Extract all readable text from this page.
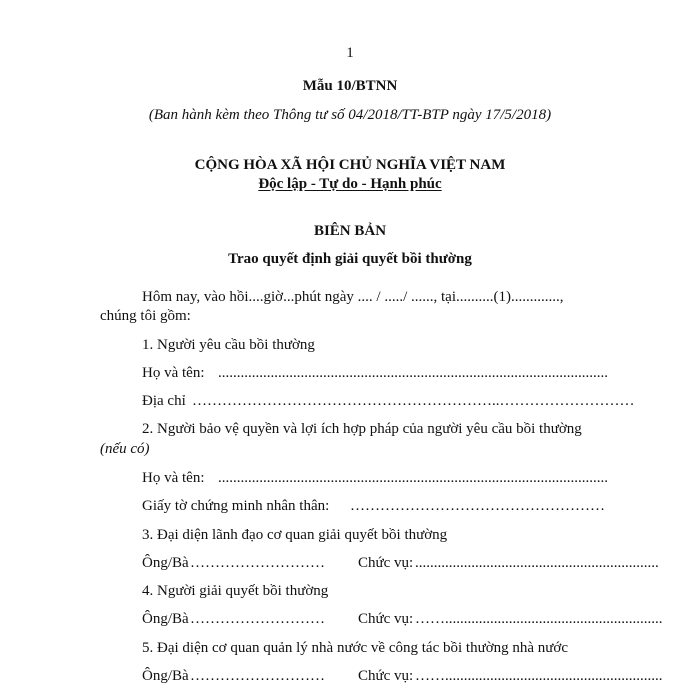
1
Mẫu 10/BTNN
(Ban hành kèm theo Thông tư số 04/2018/TT-BTP ngày 17/5/2018)
CỘNG HÒA XÃ HỘI CHỦ NGHĨA VIỆT NAM
Độc lập - Tự do - Hạnh phúc
BIÊN BẢN
Trao quyết định giải quyết bồi thường
Hôm nay, vào hồi....giờ...phút ngày .... / ...../ ......, tại..........(1).............,
chúng tôi gồm:
1. Người yêu cầu bồi thường
Họ và tên: ........................................................................................................
Địa chỉ ……………………………………………………..………………………
2. Người bảo vệ quyền và lợi ích hợp pháp của người yêu cầu bồi thường
(nếu có)
Họ và tên: ........................................................................................................
Giấy tờ chứng minh nhân thân: ……………………………………………
3. Đại diện lãnh đạo cơ quan giải quyết bồi thường
Ông/Bà ………………………	Chức vụ: .................................................................
4. Người giải quyết bồi thường
Ông/Bà ………………………	Chức vụ: ……..........................................................
5. Đại diện cơ quan quản lý nhà nước về công tác bồi thường nhà nước
Ông/Bà ………………………	Chức vụ: ……..........................................................
